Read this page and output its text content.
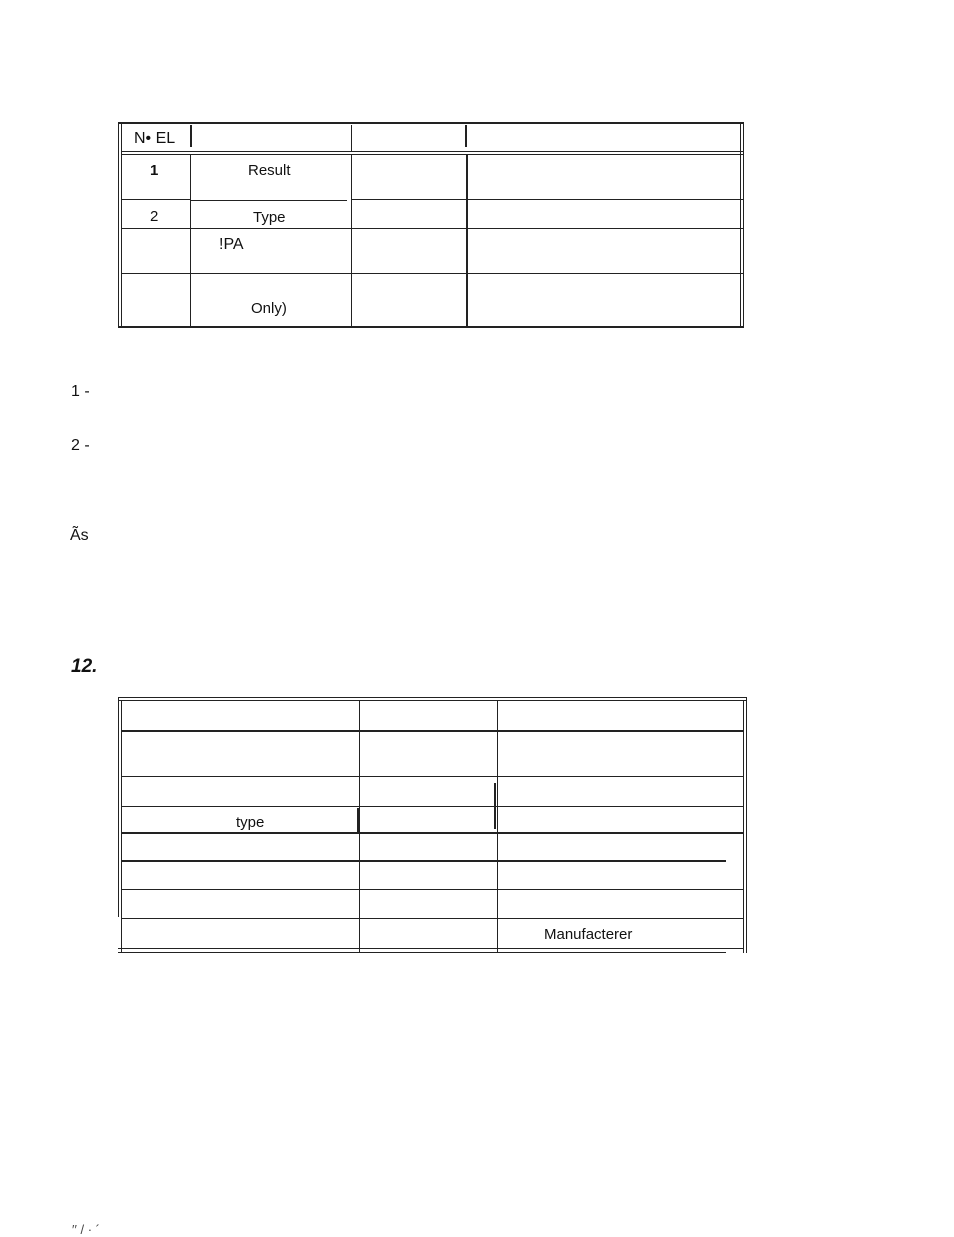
N• EL
1	Result
2	Type
!PA
Only)
1 -
2 -
Ãs
12.
type
Manufacterer
′′ / · ´
